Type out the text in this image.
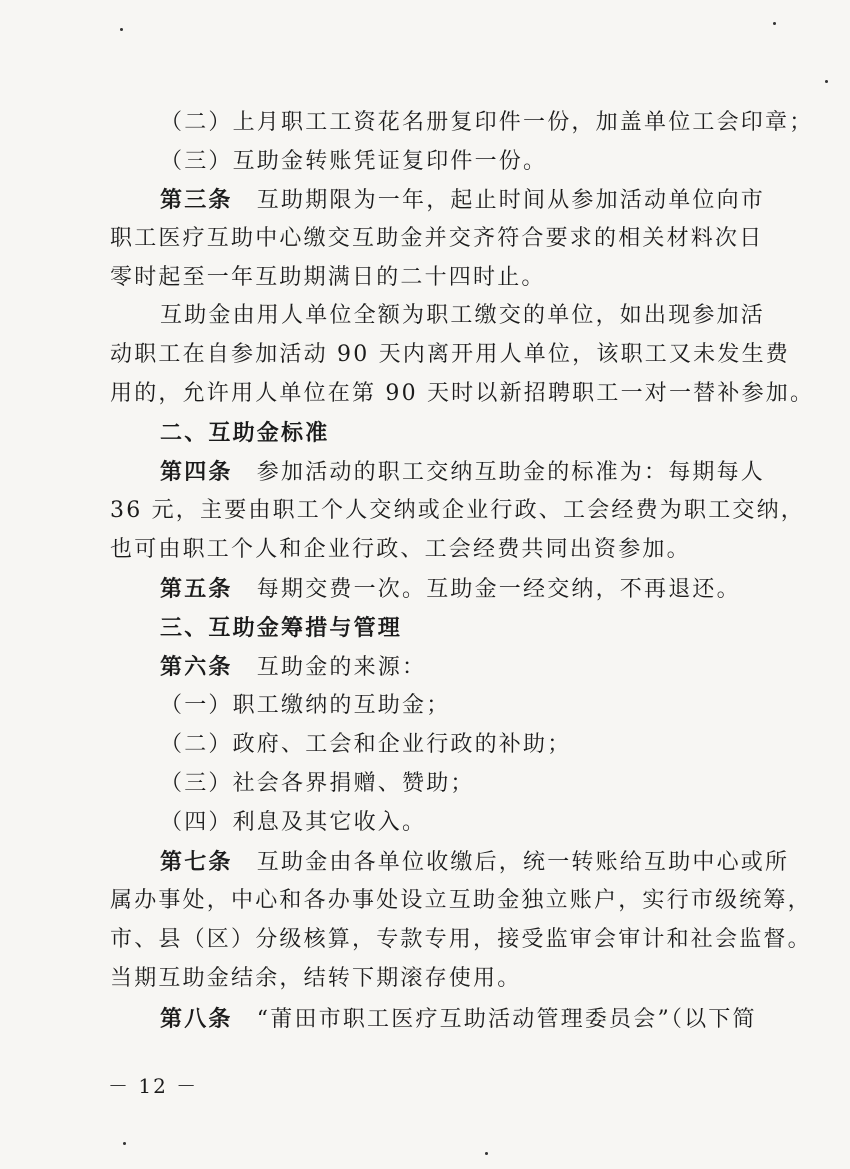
（二）上月职工工资花名册复印件一份，加盖单位工会印章；
（三）互助金转账凭证复印件一份。
第三条　互助期限为一年，起止时间从参加活动单位向市
职工医疗互助中心缴交互助金并交齐符合要求的相关材料次日
零时起至一年互助期满日的二十四时止。
互助金由用人单位全额为职工缴交的单位，如出现参加活
动职工在自参加活动 90 天内离开用人单位，该职工又未发生费
用的，允许用人单位在第 90 天时以新招聘职工一对一替补参加。
二、互助金标准
第四条　参加活动的职工交纳互助金的标准为：每期每人
36 元，主要由职工个人交纳或企业行政、工会经费为职工交纳，
也可由职工个人和企业行政、工会经费共同出资参加。
第五条　每期交费一次。互助金一经交纳，不再退还。
三、互助金筹措与管理
第六条　互助金的来源：
（一）职工缴纳的互助金；
（二）政府、工会和企业行政的补助；
（三）社会各界捐赠、赞助；
（四）利息及其它收入。
第七条　互助金由各单位收缴后，统一转账给互助中心或所
属办事处，中心和各办事处设立互助金独立账户，实行市级统筹，
市、县（区）分级核算，专款专用，接受监审会审计和社会监督。
当期互助金结余，结转下期滚存使用。
第八条　“莆田市职工医疗互助活动管理委员会”（以下简
－ 12 －
